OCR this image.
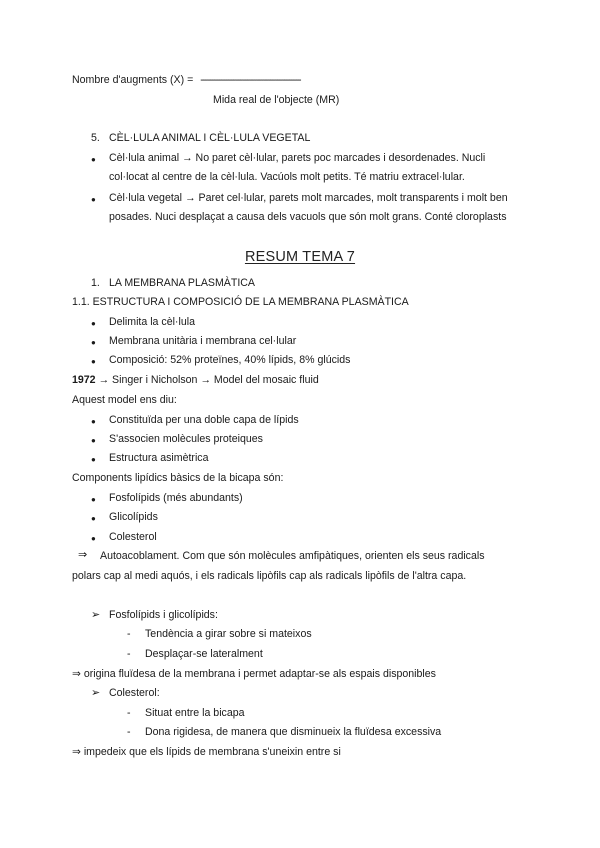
Nombre d'augments (X) = -------------------------------------------
Mida real de l'objecte (MR)
5. CÈL·LULA ANIMAL I CÈL·LULA VEGETAL
● Cèl·lula animal → No paret cèl·lular, parets poc marcades i desordenades. Nucli
col·locat al centre de la cèl·lula. Vacúols molt petits. Té matriu extracel·lular.
● Cèl·lula vegetal → Paret cel·lular, parets molt marcades, molt transparents i molt ben
posades. Nuci desplaçat a causa dels vacuols que són molt grans. Conté cloroplasts
RESUM TEMA 7
1. LA MEMBRANA PLASMÀTICA
1.1. ESTRUCTURA I COMPOSICIÓ DE LA MEMBRANA PLASMÀTICA
● Delimita la cèl·lula
● Membrana unitària i membrana cel·lular
● Composició: 52% proteïnes, 40% lípids, 8% glúcids
1972 → Singer i Nicholson → Model del mosaic fluid
Aquest model ens diu:
● Constituïda per una doble capa de lípids
● S'associen molècules proteiques
● Estructura asimètrica
Components lipídics bàsics de la bicapa són:
● Fosfolípids (més abundants)
● Glicolípids
● Colesterol
⇒ Autoacoblament. Com que són molècules amfipàtiques, orienten els seus radicals
polars cap al medi aquós, i els radicals lipòfils cap als radicals lipòfils de l'altra capa.
➢ Fosfolípids i glicolípids:
- Tendència a girar sobre si mateixos
- Desplaçar-se lateralment
⇒ origina fluïdesa de la membrana i permet adaptar-se als espais disponibles
➢ Colesterol:
- Situat entre la bicapa
- Dona rigidesa, de manera que disminueix la fluïdesa excessiva
⇒ impedeix que els lípids de membrana s'uneixin entre si
